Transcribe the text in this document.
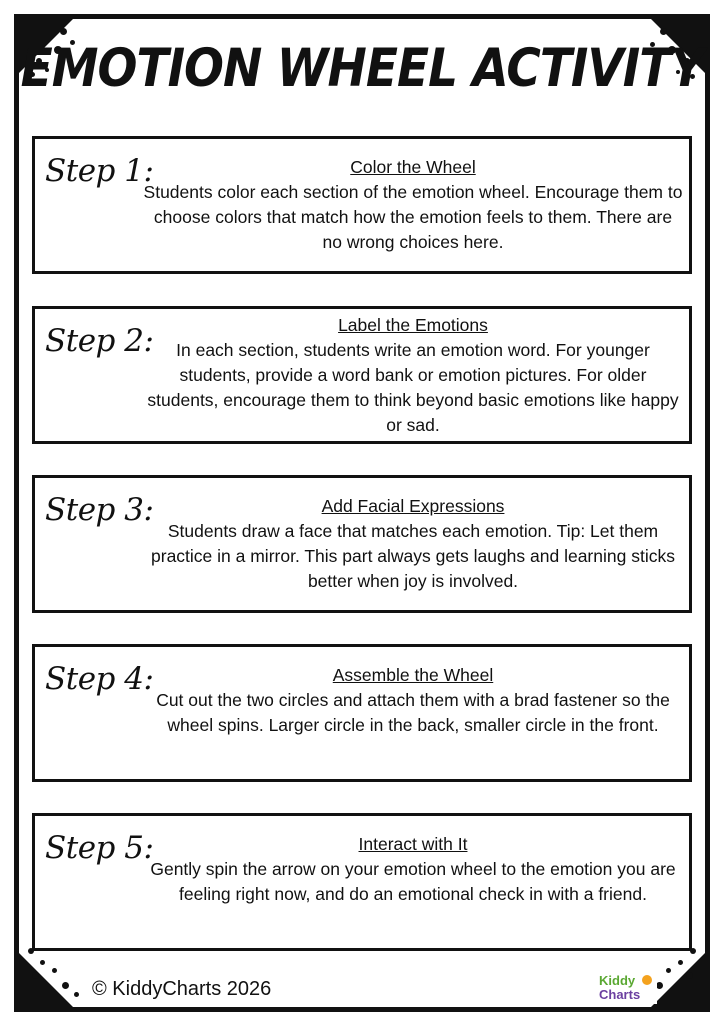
EMOTION WHEEL ACTIVITY
Step 1:	Color the Wheel
Students color each section of the emotion wheel. Encourage them to choose colors that match how the emotion feels to them. There are no wrong choices here.
Step 2:	Label the Emotions
In each section, students write an emotion word. For younger students, provide a word bank or emotion pictures. For older students, encourage them to think beyond basic emotions like happy or sad.
Step 3:	Add Facial Expressions
Students draw a face that matches each emotion. Tip: Let them practice in a mirror. This part always gets laughs and learning sticks better when joy is involved.
Step 4:	Assemble the Wheel
Cut out the two circles and attach them with a brad fastener so the wheel spins. Larger circle in the back, smaller circle in the front.
Step 5:	Interact with It
Gently spin the arrow on your emotion wheel to the emotion you are feeling right now, and do an emotional check in with a friend.
© KiddyCharts 2026	Kiddy
Charts
